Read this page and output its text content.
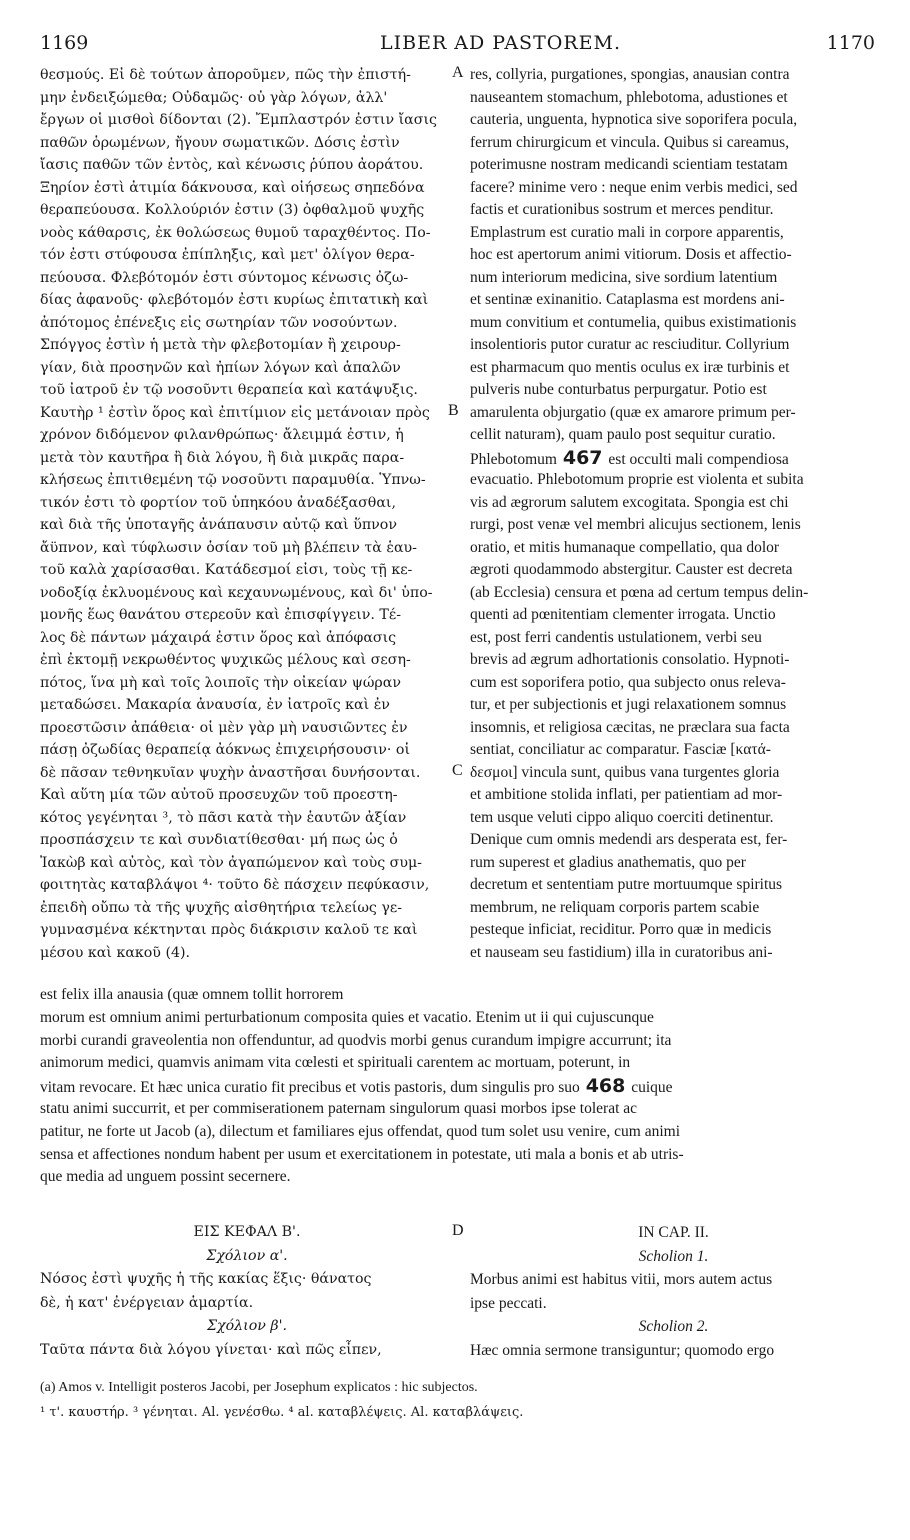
1169	LIBER AD PASTOREM.	1170
θεσμούς. Εἰ δὲ τούτων ἀποροῦμεν, πῶς τὴν ἐπιστή-
μην ἐνδειξώμεθα; Οὐδαμῶς· οὐ γὰρ λόγων, ἀλλ'
ἔργων οἱ μισθοὶ δίδονται (2). Ἔμπλαστρόν ἐστιν ἴασις
παθῶν ὁρωμένων, ἤγουν σωματικῶν. Δόσις ἐστὶν
ἴασις παθῶν τῶν ἐντὸς, καὶ κένωσις ῥύπου ἀοράτου.
Ξηρίον ἐστὶ ἀτιμία δάκνουσα, καὶ οἰήσεως σηπεδόνα
θεραπεύουσα. Κολλούριόν ἐστιν (3) ὀφθαλμοῦ ψυχῆς
νοὸς κάθαρσις, ἐκ θολώσεως θυμοῦ ταραχθέντος. Πο-
τόν ἐστι στύφουσα ἐπίπληξις, καὶ μετ' ὀλίγον θερα-
πεύουσα. Φλεβότομόν ἐστι σύντομος κένωσις ὀζω-
δίας ἀφανοῦς· φλεβότομόν ἐστι κυρίως ἐπιτατικὴ καὶ
ἀπότομος ἐπένεξις εἰς σωτηρίαν τῶν νοσούντων.
Σπόγγος ἐστὶν ἡ μετὰ τὴν φλεβοτομίαν ἢ χειρουρ-
γίαν, διὰ προσηνῶν καὶ ἠπίων λόγων καὶ ἁπαλῶν
τοῦ ἰατροῦ ἐν τῷ νοσοῦντι θεραπεία καὶ κατάψυξις.
Καυτὴρ ¹ ἐστὶν ὅρος καὶ ἐπιτίμιον εἰς μετάνοιαν πρὸς
χρόνον διδόμενον φιλανθρώπως· ἄλειμμά ἐστιν, ἡ
μετὰ τὸν καυτῆρα ἢ διὰ λόγου, ἢ διὰ μικρᾶς παρα-
κλήσεως ἐπιτιθεμένη τῷ νοσοῦντι παραμυθία. Ὑπνω-
τικόν ἐστι τὸ φορτίον τοῦ ὑπηκόου ἀναδέξασθαι,
καὶ διὰ τῆς ὑποταγῆς ἀνάπαυσιν αὐτῷ καὶ ὕπνον
ἄϋπνον, καὶ τύφλωσιν ὁσίαν τοῦ μὴ βλέπειν τὰ ἑαυ-
τοῦ καλὰ χαρίσασθαι. Κατάδεσμοί εἰσι, τοὺς τῇ κε-
νοδοξίᾳ ἐκλυομένους καὶ κεχαυνωμένους, καὶ δι' ὑπο-
μονῆς ἕως θανάτου στερεοῦν καὶ ἐπισφίγγειν. Τέ-
λος δὲ πάντων μάχαιρά ἐστιν ὅρος καὶ ἀπόφασις
ἐπὶ ἐκτομῇ νεκρωθέντος ψυχικῶς μέλους καὶ σεση-
πότος, ἵνα μὴ καὶ τοῖς λοιποῖς τὴν οἰκείαν ψώραν
μεταδώσει. Μακαρία ἀναυσία, ἐν ἰατροῖς καὶ ἐν
προεστῶσιν ἀπάθεια· οἱ μὲν γὰρ μὴ ναυσιῶντες ἐν
πάσῃ ὀζωδίας θεραπείᾳ ἀόκνως ἐπιχειρήσουσιν· οἱ
δὲ πᾶσαν τεθνηκυῖαν ψυχὴν ἀναστῆσαι δυνήσονται.
Καὶ αὕτη μία τῶν αὐτοῦ προσευχῶν τοῦ προεστη-
κότος γεγένηται ³, τὸ πᾶσι κατὰ τὴν ἑαυτῶν ἀξίαν
προσπάσχειν τε καὶ συνδιατίθεσθαι· μή πως ὡς ὁ
Ἰακὼβ καὶ αὐτὸς, καὶ τὸν ἀγαπώμενον καὶ τοὺς συμ-
φοιτητὰς καταβλάψοι ⁴· τοῦτο δὲ πάσχειν πεφύκασιν,
ἐπειδὴ οὔπω τὰ τῆς ψυχῆς αἰσθητήρια τελείως γε-
γυμνασμένα κέκτηνται πρὸς διάκρισιν καλοῦ τε καὶ
μέσου καὶ κακοῦ (4).
res, collyria, purgationes, spongias, anausian contra
nauseantem stomachum, phlebotoma, adustiones et
cauteria, unguenta, hypnotica sive soporifera pocula,
ferrum chirurgicum et vincula. Quibus si careamus,
poterimusne nostram medicandi scientiam testatam
facere? minime vero : neque enim verbis medici, sed
factis et curationibus sostrum et merces penditur.
Emplastrum est curatio mali in corpore apparentis,
hoc est apertorum animi vitiorum. Dosis et affectio-
num interiorum medicina, sive sordium latentium
et sentinæ exinanitio. Cataplasma est mordens ani-
mum convitium et contumelia, quibus existimationis
insolentioris putor curatur ac resciuditur. Collyrium
est pharmacum quo mentis oculus ex iræ turbinis et
pulveris nube conturbatus perpurgatur. Potio est
amarulenta objurgatio (quæ ex amarore primum per-
cellit naturam), quam paulo post sequitur curatio.
Phlebotomum 467 est occulti mali compendiosa
evacuatio. Phlebotomum proprie est violenta et subita
vis ad ægrorum salutem excogitata. Spongia est chi
rurgi, post venæ vel membri alicujus sectionem, lenis
oratio, et mitis humanaque compellatio, qua dolor
ægroti quodammodo abstergitur. Causter est decreta
(ab Ecclesia) censura et pœna ad certum tempus delin-
quenti ad pœnitentiam clementer irrogata. Unctio
est, post ferri candentis ustulationem, verbi seu
brevis ad ægrum adhortationis consolatio. Hypnoti-
cum est soporifera potio, qua subjecto onus releva-
tur, et per subjectionis et jugi relaxationem somnus
insomnis, et religiosa cæcitas, ne præclara sua facta
sentiat, conciliatur ac comparatur. Fasciæ [κατά-
δεσμοι] vincula sunt, quibus vana turgentes gloria
et ambitione stolida inflati, per patientiam ad mor-
tem usque veluti cippo aliquo coerciti detinentur.
Denique cum omnis medendi ars desperata est, fer-
rum superest et gladius anathematis, quo per
decretum et sententiam putre mortuumque spiritus
membrum, ne reliquam corporis partem scabie
pesteque inficiat, reciditur. Porro quæ in medicis
et nauseam seu fastidium) illa in curatoribus ani-
A
B
C
D
est felix illa anausia (quæ omnem tollit horrorem
morum est omnium animi perturbationum composita quies et vacatio. Etenim ut ii qui cujuscunque
morbi curandi graveolentia non offenduntur, ad quodvis morbi genus curandum impigre accurrunt; ita
animorum medici, quamvis animam vita cœlesti et spirituali carentem ac mortuam, poterunt, in
vitam revocare. Et hæc unica curatio fit precibus et votis pastoris, dum singulis pro suo 468 cuique
statu animi succurrit, et per commiserationem paternam singulorum quasi morbos ipse tolerat ac
patitur, ne forte ut Jacob (a), dilectum et familiares ejus offendat, quod tum solet usu venire, cum animi
sensa et affectiones nondum habent per usum et exercitationem in potestate, uti mala a bonis et ab utris-
que media ad unguem possint secernere.
ΕΙΣ ΚΕΦΑΛ Β'.
Σχόλιον α'.
Νόσος ἐστὶ ψυχῆς ἡ τῆς κακίας ἕξις· θάνατος
δὲ, ἡ κατ' ἐνέργειαν ἁμαρτία.
Σχόλιον β'.
Ταῦτα πάντα διὰ λόγου γίνεται· καὶ πῶς εἶπεν,
IN CAP. II.
Scholion 1.
Morbus animi est habitus vitii, mors autem actus
ipse peccati.
Scholion 2.
Hæc omnia sermone transiguntur; quomodo ergo
(a) Amos v. Intelligit posteros Jacobi, per Josephum explicatos : hic subjectos.
¹ τ'. καυστήρ. ³ γένηται. Al. γενέσθω. ⁴ al. καταβλέψεις. Al. καταβλάψεις.
